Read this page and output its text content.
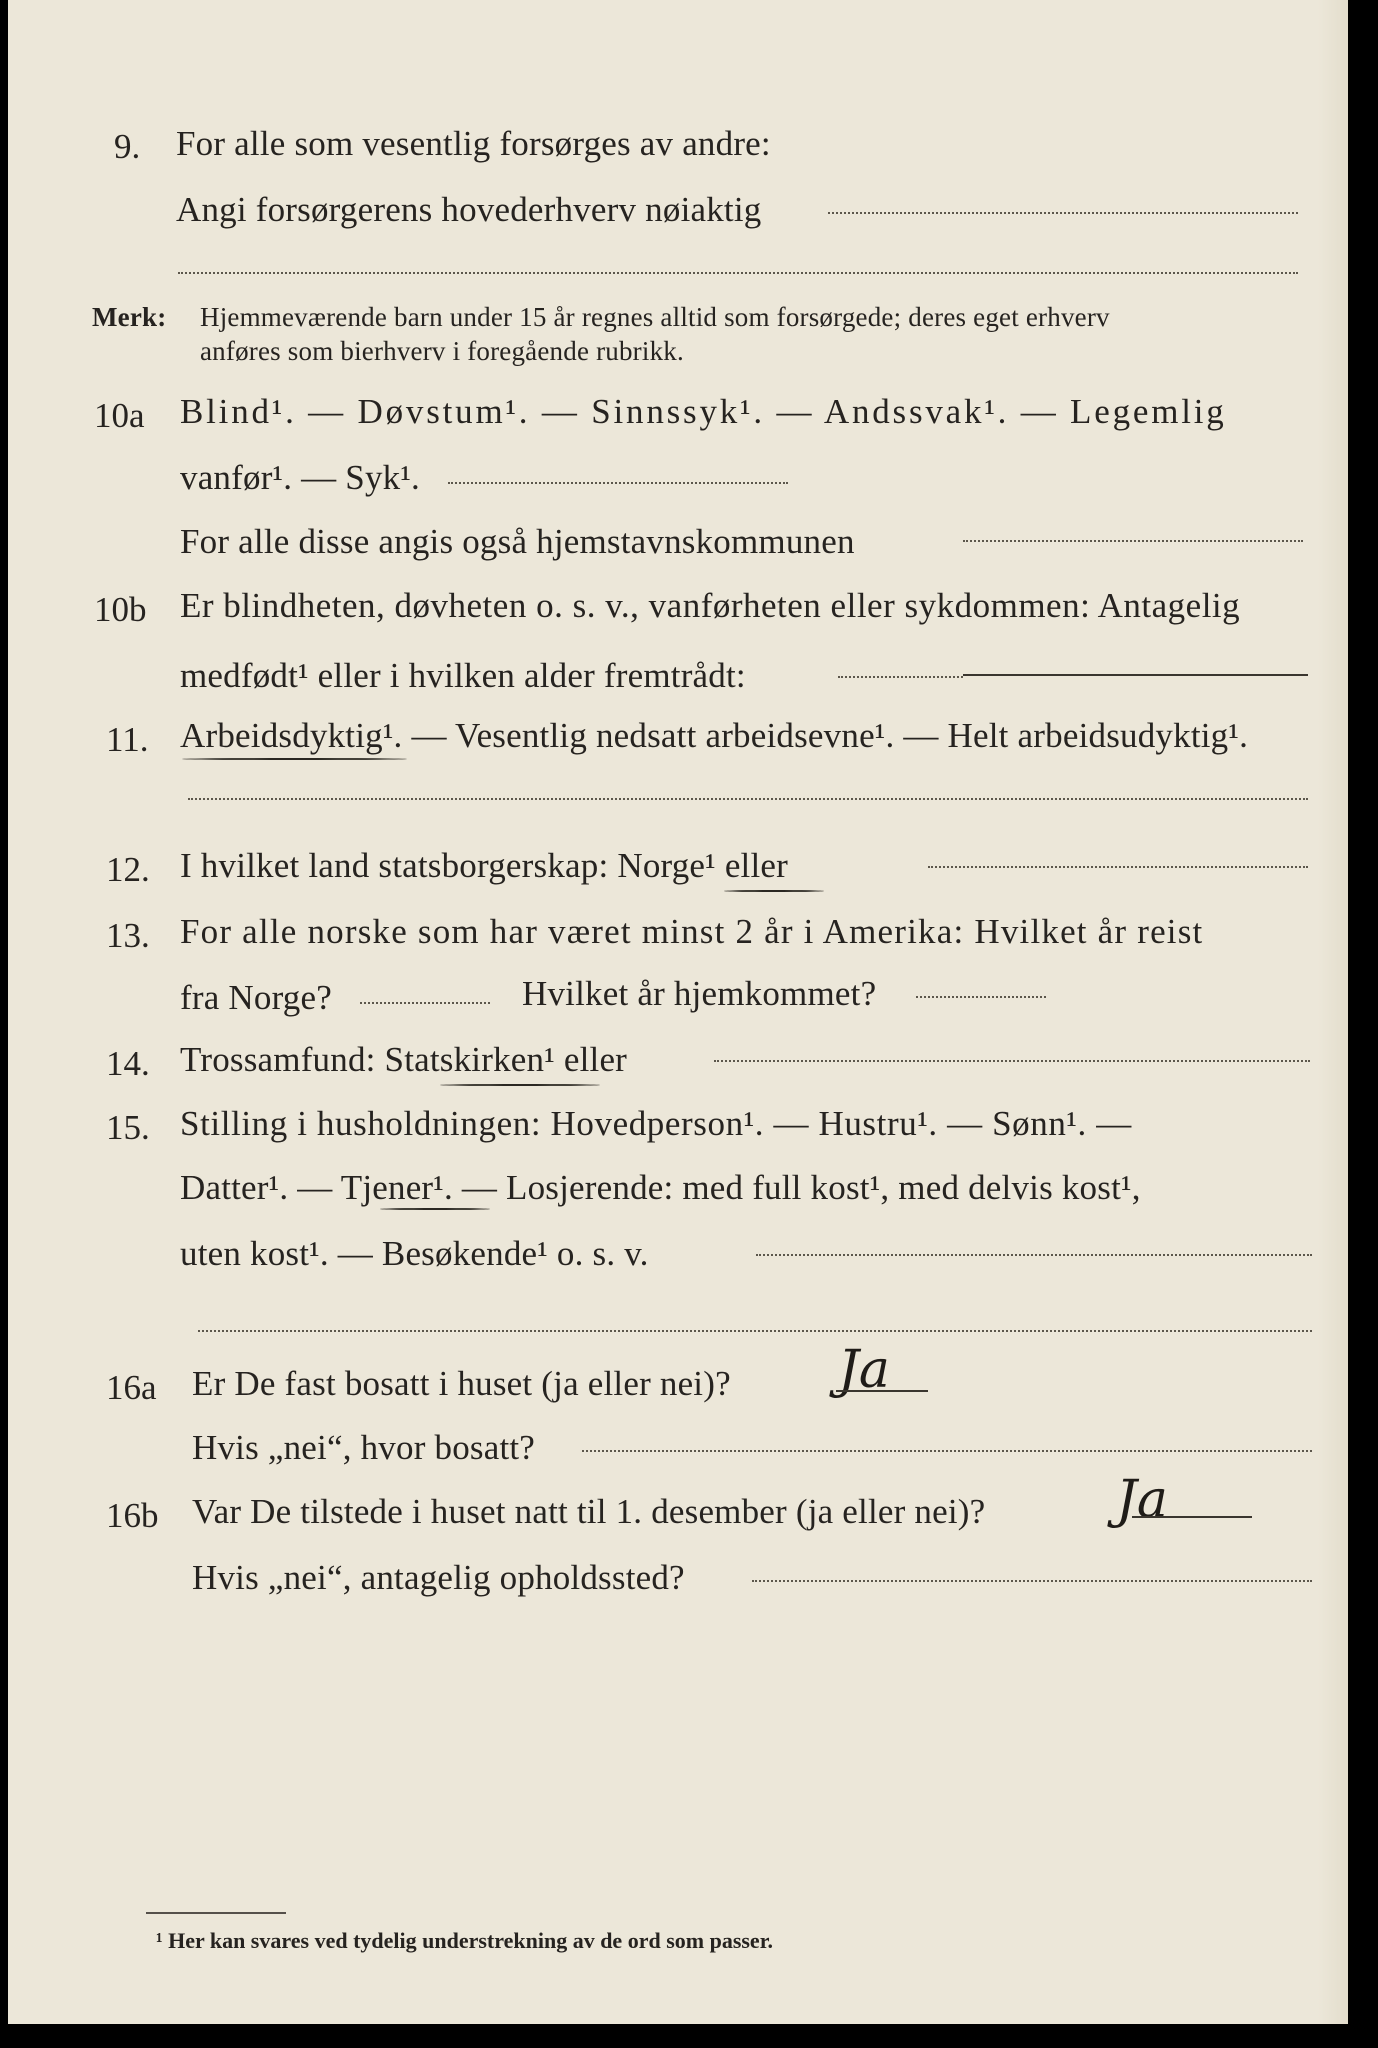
9. For alle som vesentlig forsørges av andre:
Angi forsørgerens hovederhverv nøiaktig
Merk: Hjemmeværende barn under 15 år regnes alltid som forsørgede; deres eget erhverv
anføres som bierhverv i foregående rubrikk.
10a Blind¹. — Døvstum¹. — Sinnssyk¹. — Andssvak¹. — Legemlig
vanfør¹. — Syk¹.
For alle disse angis også hjemstavnskommunen
10b Er blindheten, døvheten o. s. v., vanførheten eller sykdommen: Antagelig
medfødt¹ eller i hvilken alder fremtrådt:
11. Arbeidsdyktig¹. — Vesentlig nedsatt arbeidsevne¹. — Helt arbeidsudyktig¹.
12. I hvilket land statsborgerskap: Norge¹ eller
13. For alle norske som har været minst 2 år i Amerika: Hvilket år reist
fra Norge?	Hvilket år hjemkommet?
14. Trossamfund: Statskirken¹ eller
15. Stilling i husholdningen: Hovedperson¹. — Hustru¹. — Sønn¹. —
Datter¹. — Tjener¹. — Losjerende: med full kost¹, med delvis kost¹,
uten kost¹. — Besøkende¹ o. s. v.
16a Er De fast bosatt i huset (ja eller nei)? Ja
Hvis „nei“, hvor bosatt?
16b Var De tilstede i huset natt til 1. desember (ja eller nei)?	Ja
Hvis „nei“, antagelig opholdssted?
¹ Her kan svares ved tydelig understrekning av de ord som passer.
